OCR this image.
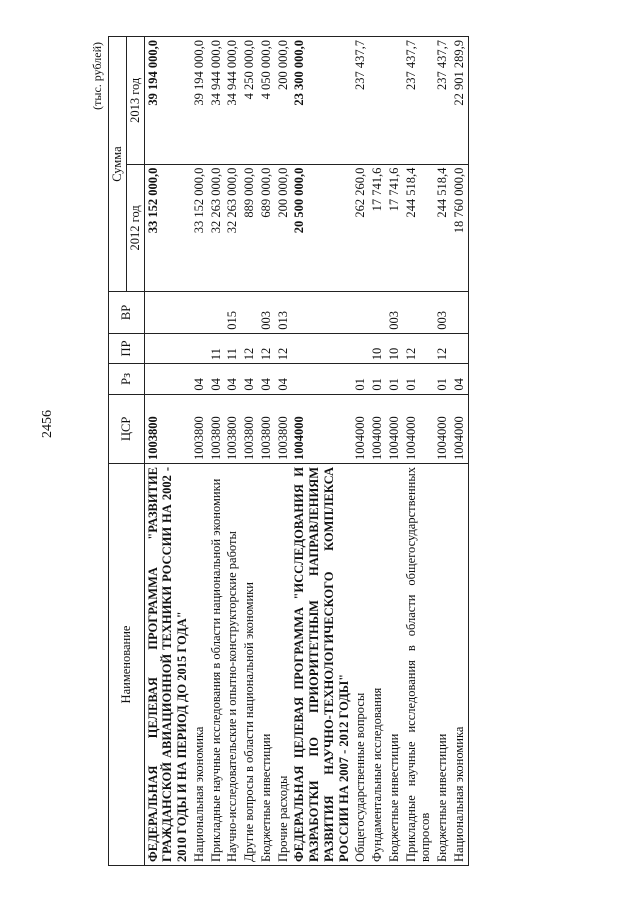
2456
(тыс. рублей)
Наименование	ЦСР	Рз	ПР	ВР	Сумма	
					2012 год	2013 год
ФЕДЕРАЛЬНАЯ ЦЕЛЕВАЯ ПРОГРАММА "РАЗВИТИЕ ГРАЖДАНСКОЙ АВИАЦИОННОЙ ТЕХНИКИ РОССИИ НА 2002 - 2010 ГОДЫ И НА ПЕРИОД ДО 2015 ГОДА"	1003800				33 152 000,0	39 194 000,0
Национальная экономика	1003800	04			33 152 000,0	39 194 000,0
Прикладные научные исследования в области национальной экономики	1003800	04	11		32 263 000,0	34 944 000,0
Научно-исследовательские и опытно-конструкторские работы	1003800	04	11	015	32 263 000,0	34 944 000,0
Другие вопросы в области национальной экономики	1003800	04	12		889 000,0	4 250 000,0
Бюджетные инвестиции	1003800	04	12	003	689 000,0	4 050 000,0
Прочие расходы	1003800	04	12	013	200 000,0	200 000,0
ФЕДЕРАЛЬНАЯ ЦЕЛЕВАЯ ПРОГРАММА "ИССЛЕДОВАНИЯ И РАЗРАБОТКИ ПО ПРИОРИТЕТНЫМ НАПРАВЛЕНИЯМ РАЗВИТИЯ НАУЧНО-ТЕХНОЛОГИЧЕСКОГО КОМПЛЕКСА РОССИИ НА 2007 - 2012 ГОДЫ"	1004000				20 500 000,0	23 300 000,0
Общегосударственные вопросы	1004000	01			262 260,0	237 437,7
Фундаментальные исследования	1004000	01	10		17 741,6	
Бюджетные инвестиции	1004000	01	10	003	17 741,6	
Прикладные научные исследования в области общегосударственных вопросов	1004000	01	12		244 518,4	237 437,7
Бюджетные инвестиции	1004000	01	12	003	244 518,4	237 437,7
Национальная экономика	1004000	04			18 760 000,0	22 901 289,9
